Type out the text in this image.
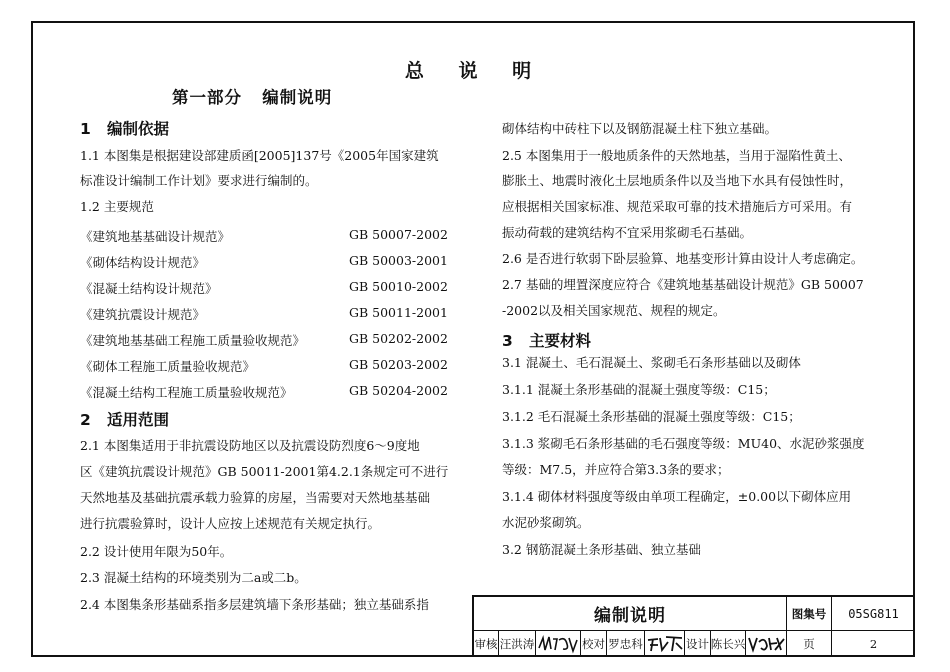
总 说 明
第一部分   编制说明
1   编制依据
1.1 本图集是根据建设部建质函[2005]137号《2005年国家建筑
标准设计编制工作计划》要求进行编制的。
1.2 主要规范
《建筑地基基础设计规范》	GB 50007-2002
《砌体结构设计规范》	GB 50003-2001
《混凝土结构设计规范》	GB 50010-2002
《建筑抗震设计规范》	GB 50011-2001
《建筑地基基础工程施工质量验收规范》	GB 50202-2002
《砌体工程施工质量验收规范》	GB 50203-2002
《混凝土结构工程施工质量验收规范》	GB 50204-2002
2   适用范围
2.1 本图集适用于非抗震设防地区以及抗震设防烈度6～9度地
区《建筑抗震设计规范》GB 50011-2001第4.2.1条规定可不进行
天然地基及基础抗震承载力验算的房屋，当需要对天然地基基础
进行抗震验算时，设计人应按上述规范有关规定执行。
2.2 设计使用年限为50年。
2.3 混凝土结构的环境类别为二a或二b。
2.4 本图集条形基础系指多层建筑墙下条形基础；独立基础系指
砌体结构中砖柱下以及钢筋混凝土柱下独立基础。
2.5 本图集用于一般地质条件的天然地基，当用于湿陷性黄土、
膨胀土、地震时液化土层地质条件以及当地下水具有侵蚀性时，
应根据相关国家标准、规范采取可靠的技术措施后方可采用。有
振动荷载的建筑结构不宜采用浆砌毛石基础。
2.6 是否进行软弱下卧层验算、地基变形计算由设计人考虑确定。
2.7 基础的埋置深度应符合《建筑地基基础设计规范》GB 50007
-2002以及相关国家规范、规程的规定。
3   主要材料
3.1 混凝土、毛石混凝土、浆砌毛石条形基础以及砌体
3.1.1 混凝土条形基础的混凝土强度等级：C15；
3.1.2 毛石混凝土条形基础的混凝土强度等级：C15；
3.1.3 浆砌毛石条形基础的毛石强度等级：MU40、水泥砂浆强度
等级：M7.5，并应符合第3.3条的要求；
3.1.4 砌体材料强度等级由单项工程确定，±0.00以下砌体应用
水泥砂浆砌筑。
3.2 钢筋混凝土条形基础、独立基础
编制说明	图集号	05SG811
审核 汪洪涛	校对 罗忠科	设计 陈长兴	页	2
